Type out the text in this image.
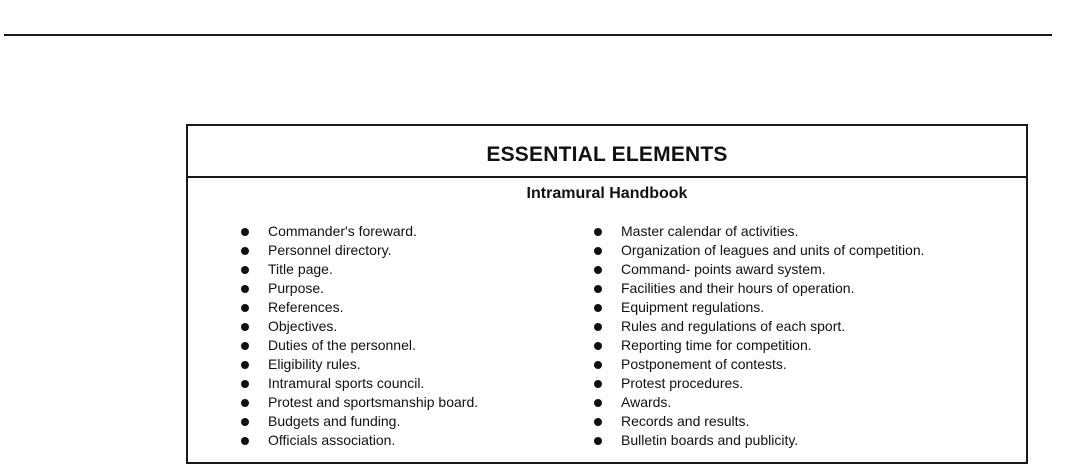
ESSENTIAL ELEMENTS
Intramural Handbook
Commander's foreward.
Personnel directory.
Title page.
Purpose.
References.
Objectives.
Duties of the personnel.
Eligibility rules.
Intramural sports council.
Protest and sportsmanship board.
Budgets and funding.
Officials association.
Master calendar of activities.
Organization of leagues and units of competition.
Command- points award system.
Facilities and their hours of operation.
Equipment regulations.
Rules and regulations of each sport.
Reporting time for competition.
Postponement of contests.
Protest procedures.
Awards.
Records and results.
Bulletin boards and publicity.
